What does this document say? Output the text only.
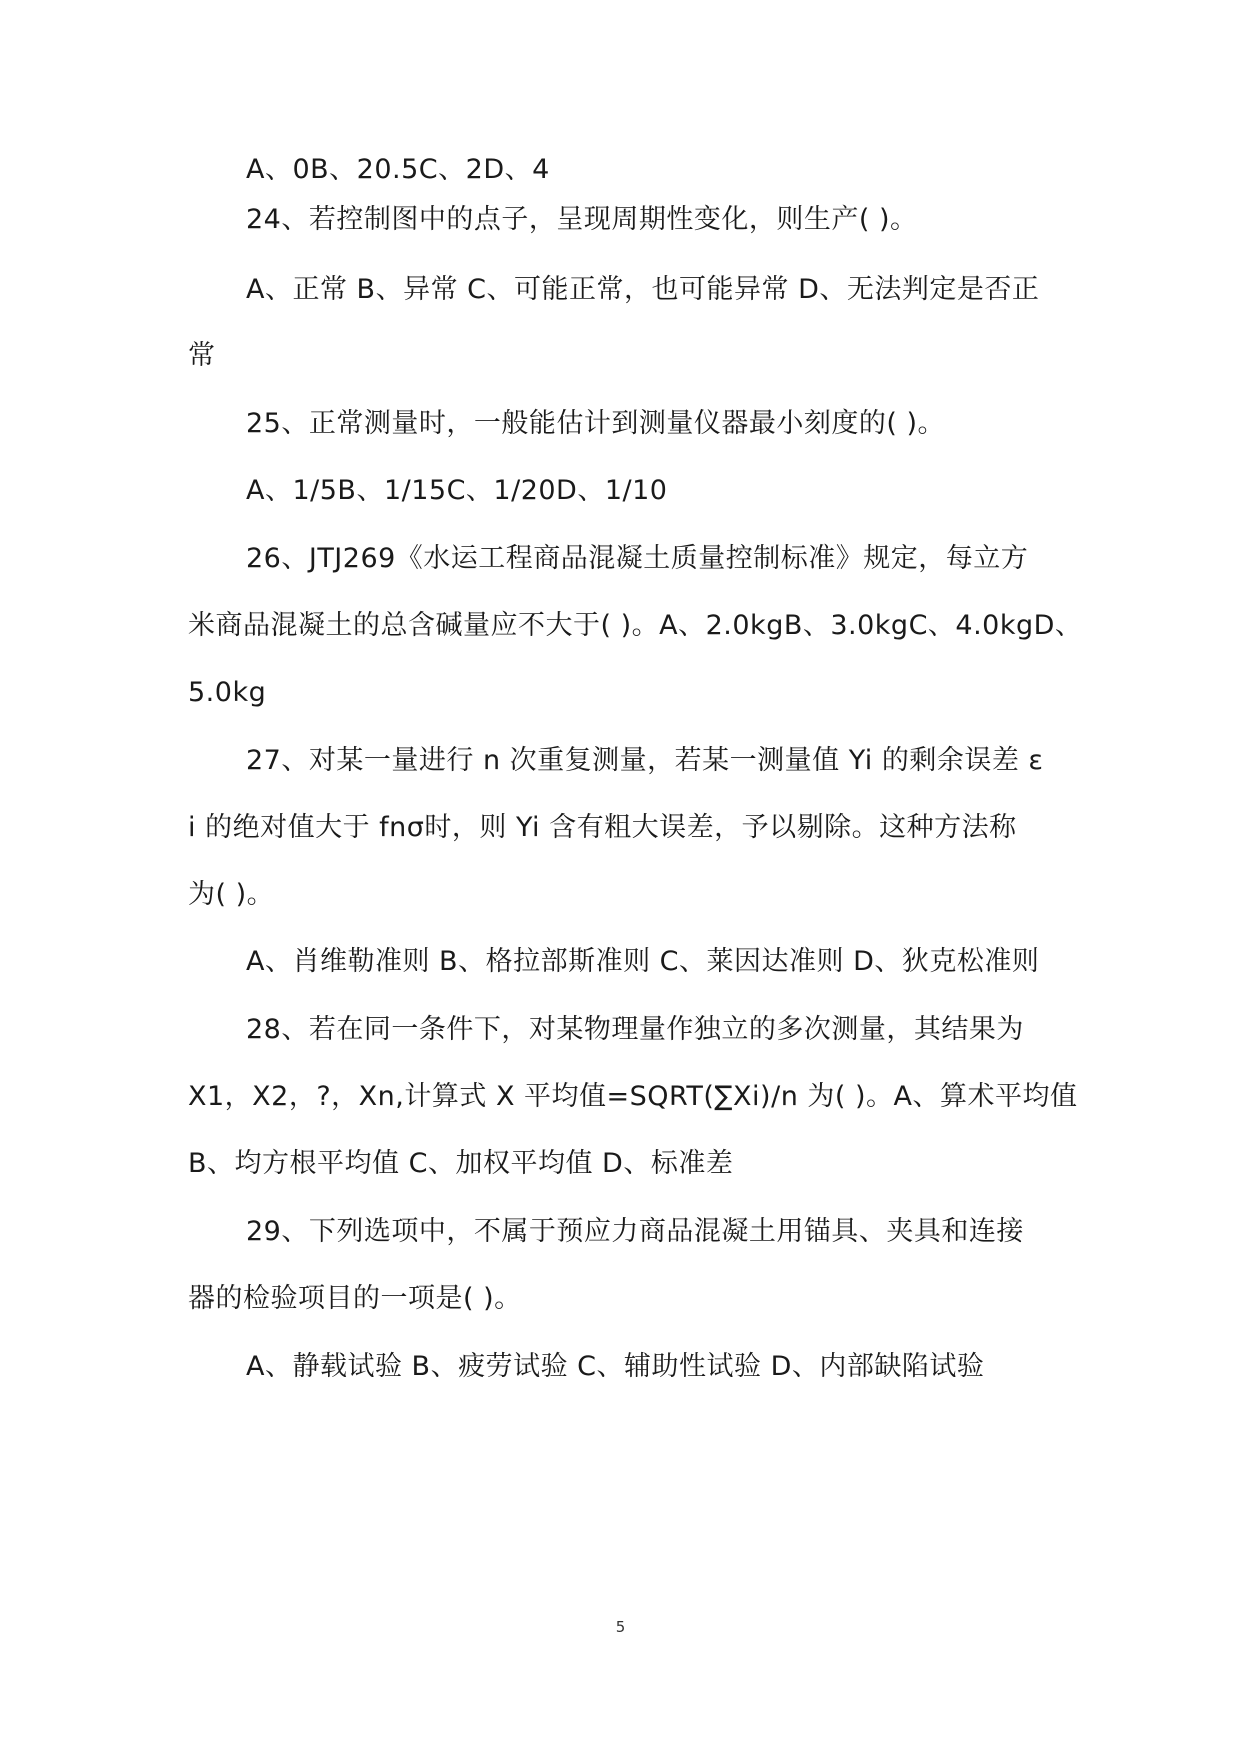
A、0B、20.5C、2D、4
24、若控制图中的点子，呈现周期性变化，则生产( )。
A、正常 B、异常 C、可能正常，也可能异常 D、无法判定是否正
常
25、正常测量时，一般能估计到测量仪器最小刻度的( )。
A、1/5B、1/15C、1/20D、1/10
26、JTJ269《水运工程商品混凝土质量控制标准》规定，每立方
米商品混凝土的总含碱量应不大于( )。A、2.0kgB、3.0kgC、4.0kgD、
5.0kg
27、对某一量进行 n 次重复测量，若某一测量值 Yi 的剩余误差 ε
i 的绝对值大于 fnσ时，则 Yi 含有粗大误差，予以剔除。这种方法称
为( )。
A、肖维勒准则 B、格拉部斯准则 C、莱因达准则 D、狄克松准则
28、若在同一条件下，对某物理量作独立的多次测量，其结果为
X1，X2，?，Xn,计算式 X 平均值=SQRT(∑Xi)/n 为( )。A、算术平均值
B、均方根平均值 C、加权平均值 D、标准差
29、下列选项中，不属于预应力商品混凝土用锚具、夹具和连接
器的检验项目的一项是( )。
A、静载试验 B、疲劳试验 C、辅助性试验 D、内部缺陷试验
5
